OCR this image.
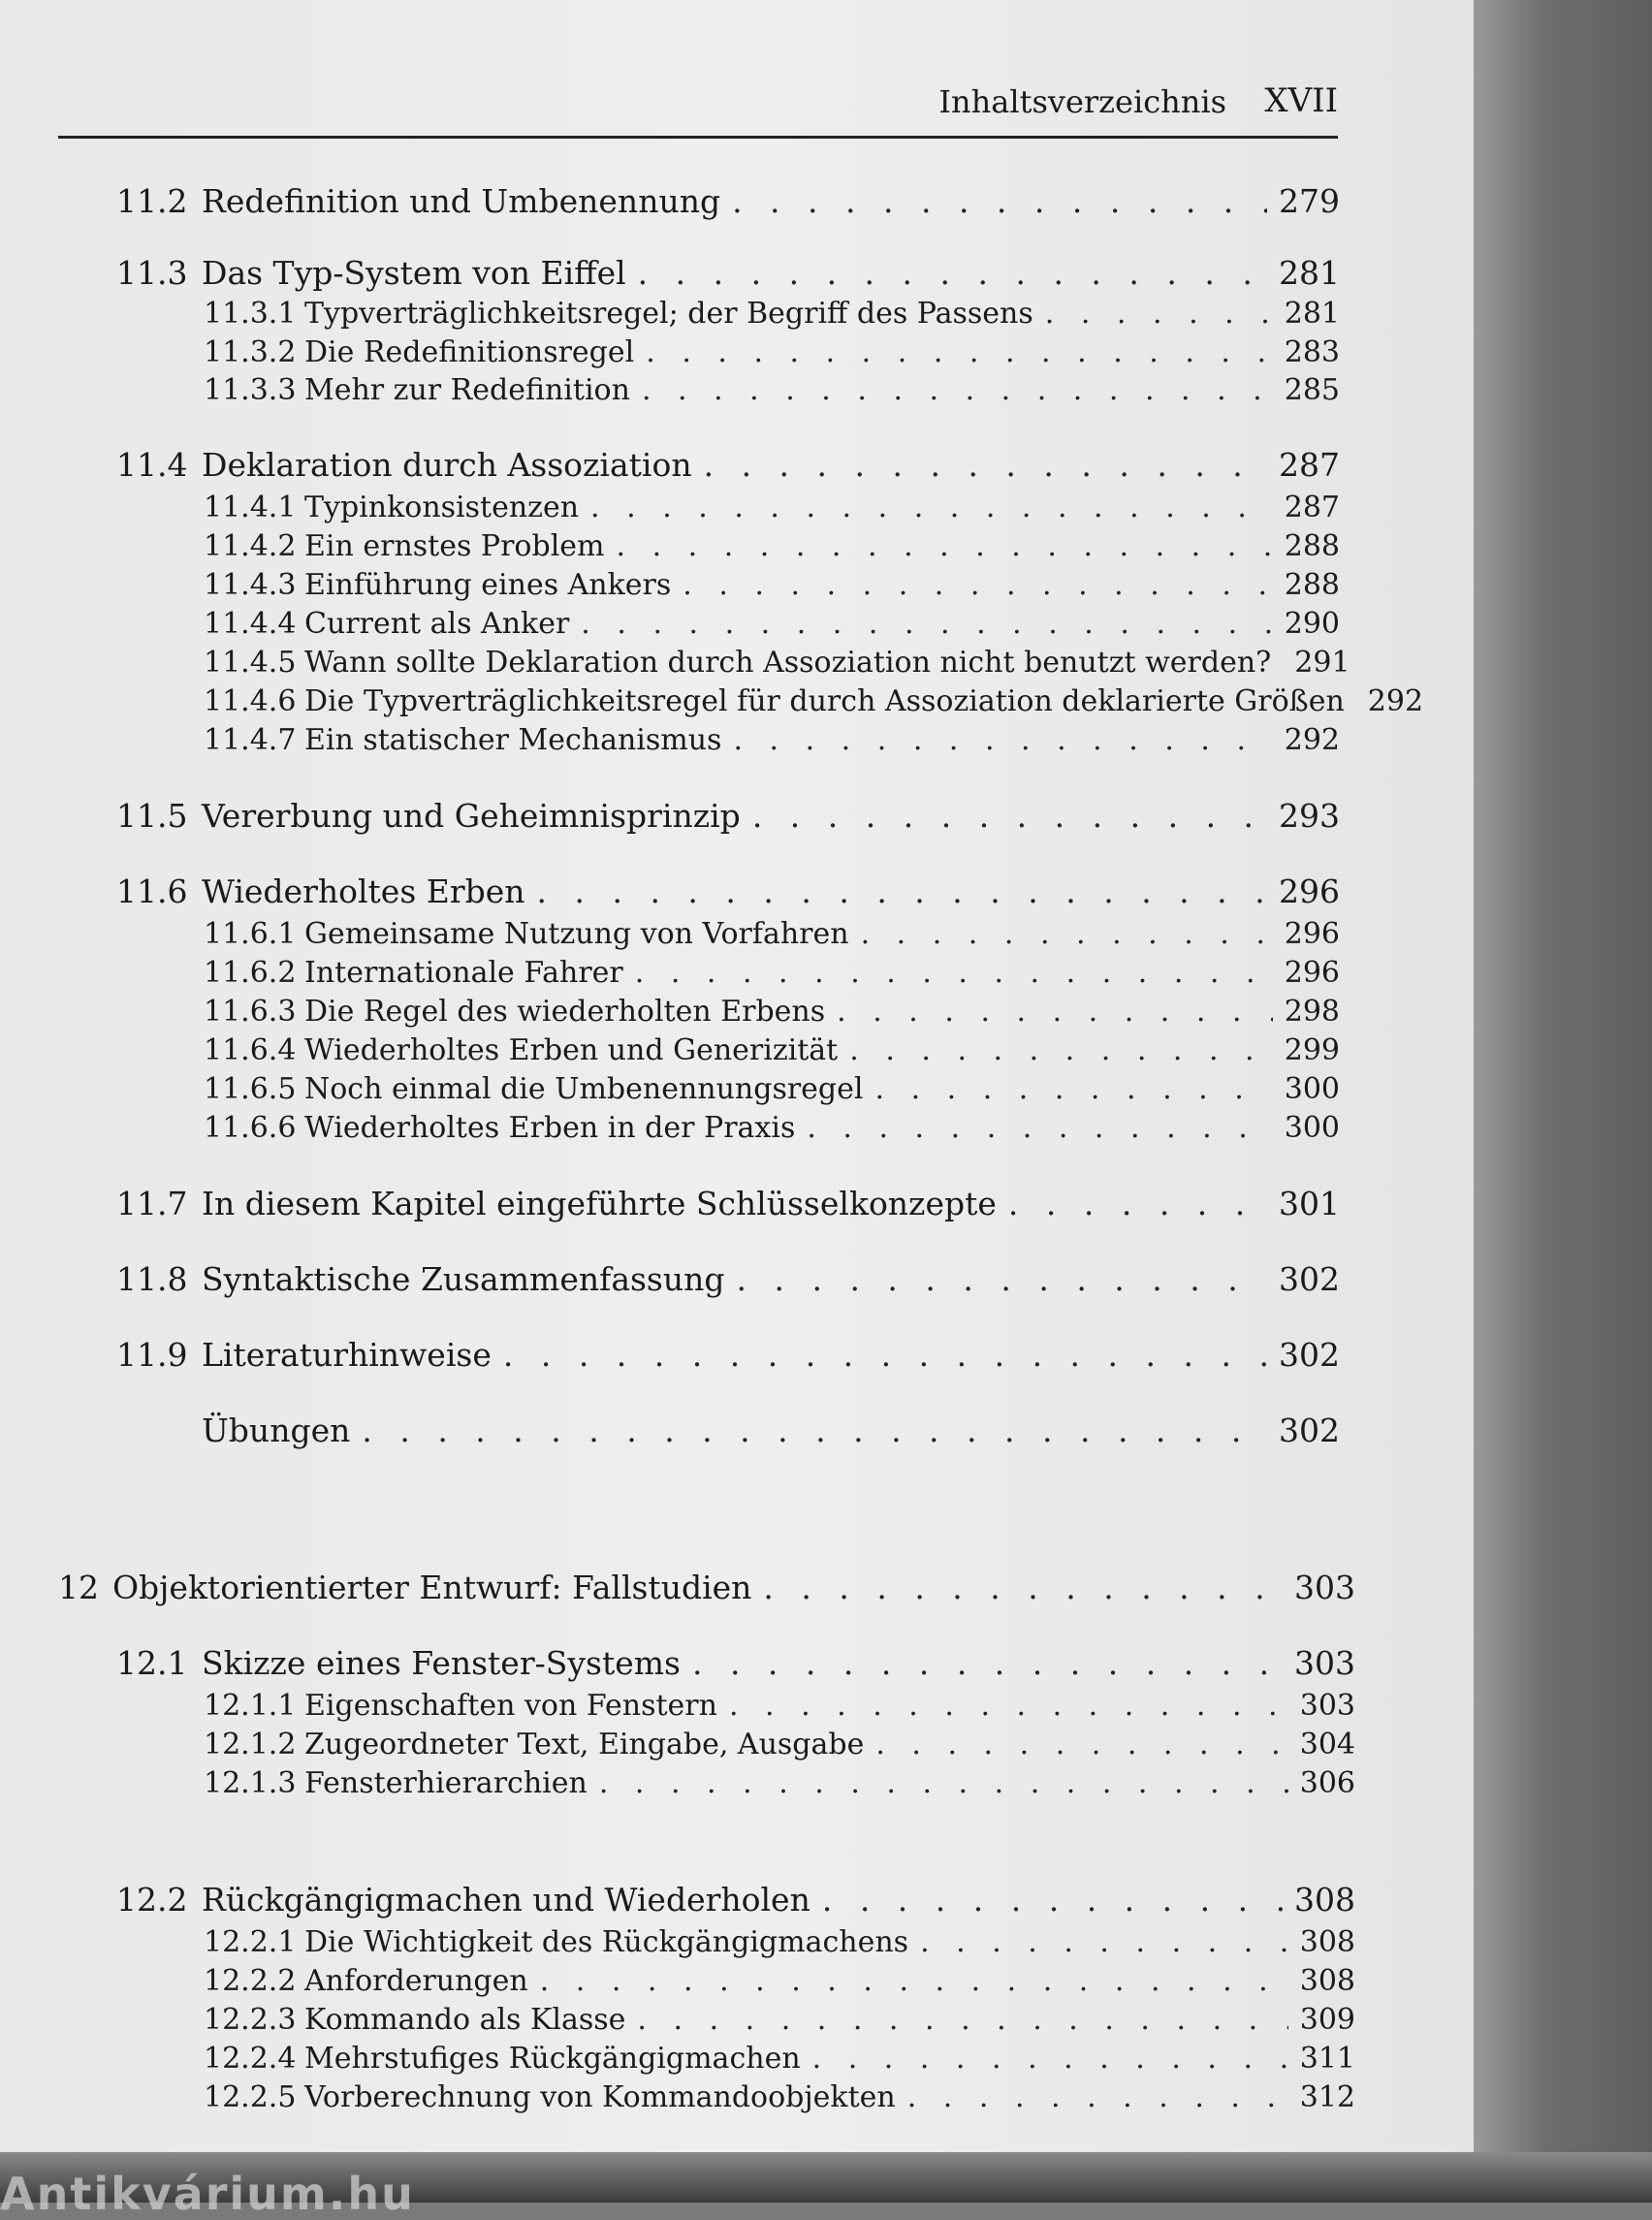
Inhaltsverzeichnis XVII
11.2 Redefinition und Umbenennung . . .	279
11.3 Das Typ-System von Eiffel . . .	281
11.3.1 Typverträglichkeitsregel; der Begriff des Passens . . .	281
11.3.2 Die Redefinitionsregel . . .	283
11.3.3 Mehr zur Redefinition . . .	285
11.4 Deklaration durch Assoziation . . .	287
11.4.1 Typinkonsistenzen . . .	287
11.4.2 Ein ernstes Problem . . .	288
11.4.3 Einführung eines Ankers . . .	288
11.4.4 Current als Anker . . .	290
11.4.5 Wann sollte Deklaration durch Assoziation nicht benutzt werden? 291
11.4.6 Die Typverträglichkeitsregel für durch Assoziation deklarierte Größen 292
11.4.7 Ein statischer Mechanismus . . .	292
11.5 Vererbung und Geheimnisprinzip . . .	293
11.6 Wiederholtes Erben . . .	296
11.6.1 Gemeinsame Nutzung von Vorfahren . . .	296
11.6.2 Internationale Fahrer . . .	296
11.6.3 Die Regel des wiederholten Erbens . . .	298
11.6.4 Wiederholtes Erben und Generizität . . .	299
11.6.5 Noch einmal die Umbenennungsregel . . .	300
11.6.6 Wiederholtes Erben in der Praxis . . .	300
11.7 In diesem Kapitel eingeführte Schlüsselkonzepte . . .	301
11.8 Syntaktische Zusammenfassung . . .	302
11.9 Literaturhinweise . . .	302
Übungen . . .	302
12 Objektorientierter Entwurf: Fallstudien . . .	303
12.1 Skizze eines Fenster-Systems . . .	303
12.1.1 Eigenschaften von Fenstern . . .	303
12.1.2 Zugeordneter Text, Eingabe, Ausgabe . . .	304
12.1.3 Fensterhierarchien . . .	306
12.2 Rückgängigmachen und Wiederholen . . .	308
12.2.1 Die Wichtigkeit des Rückgängigmachens . . .	308
12.2.2 Anforderungen . . .	308
12.2.3 Kommando als Klasse . . .	309
12.2.4 Mehrstufiges Rückgängigmachen . . .	311
12.2.5 Vorberechnung von Kommandoobjekten . . .	312
Antikvárium.hu
